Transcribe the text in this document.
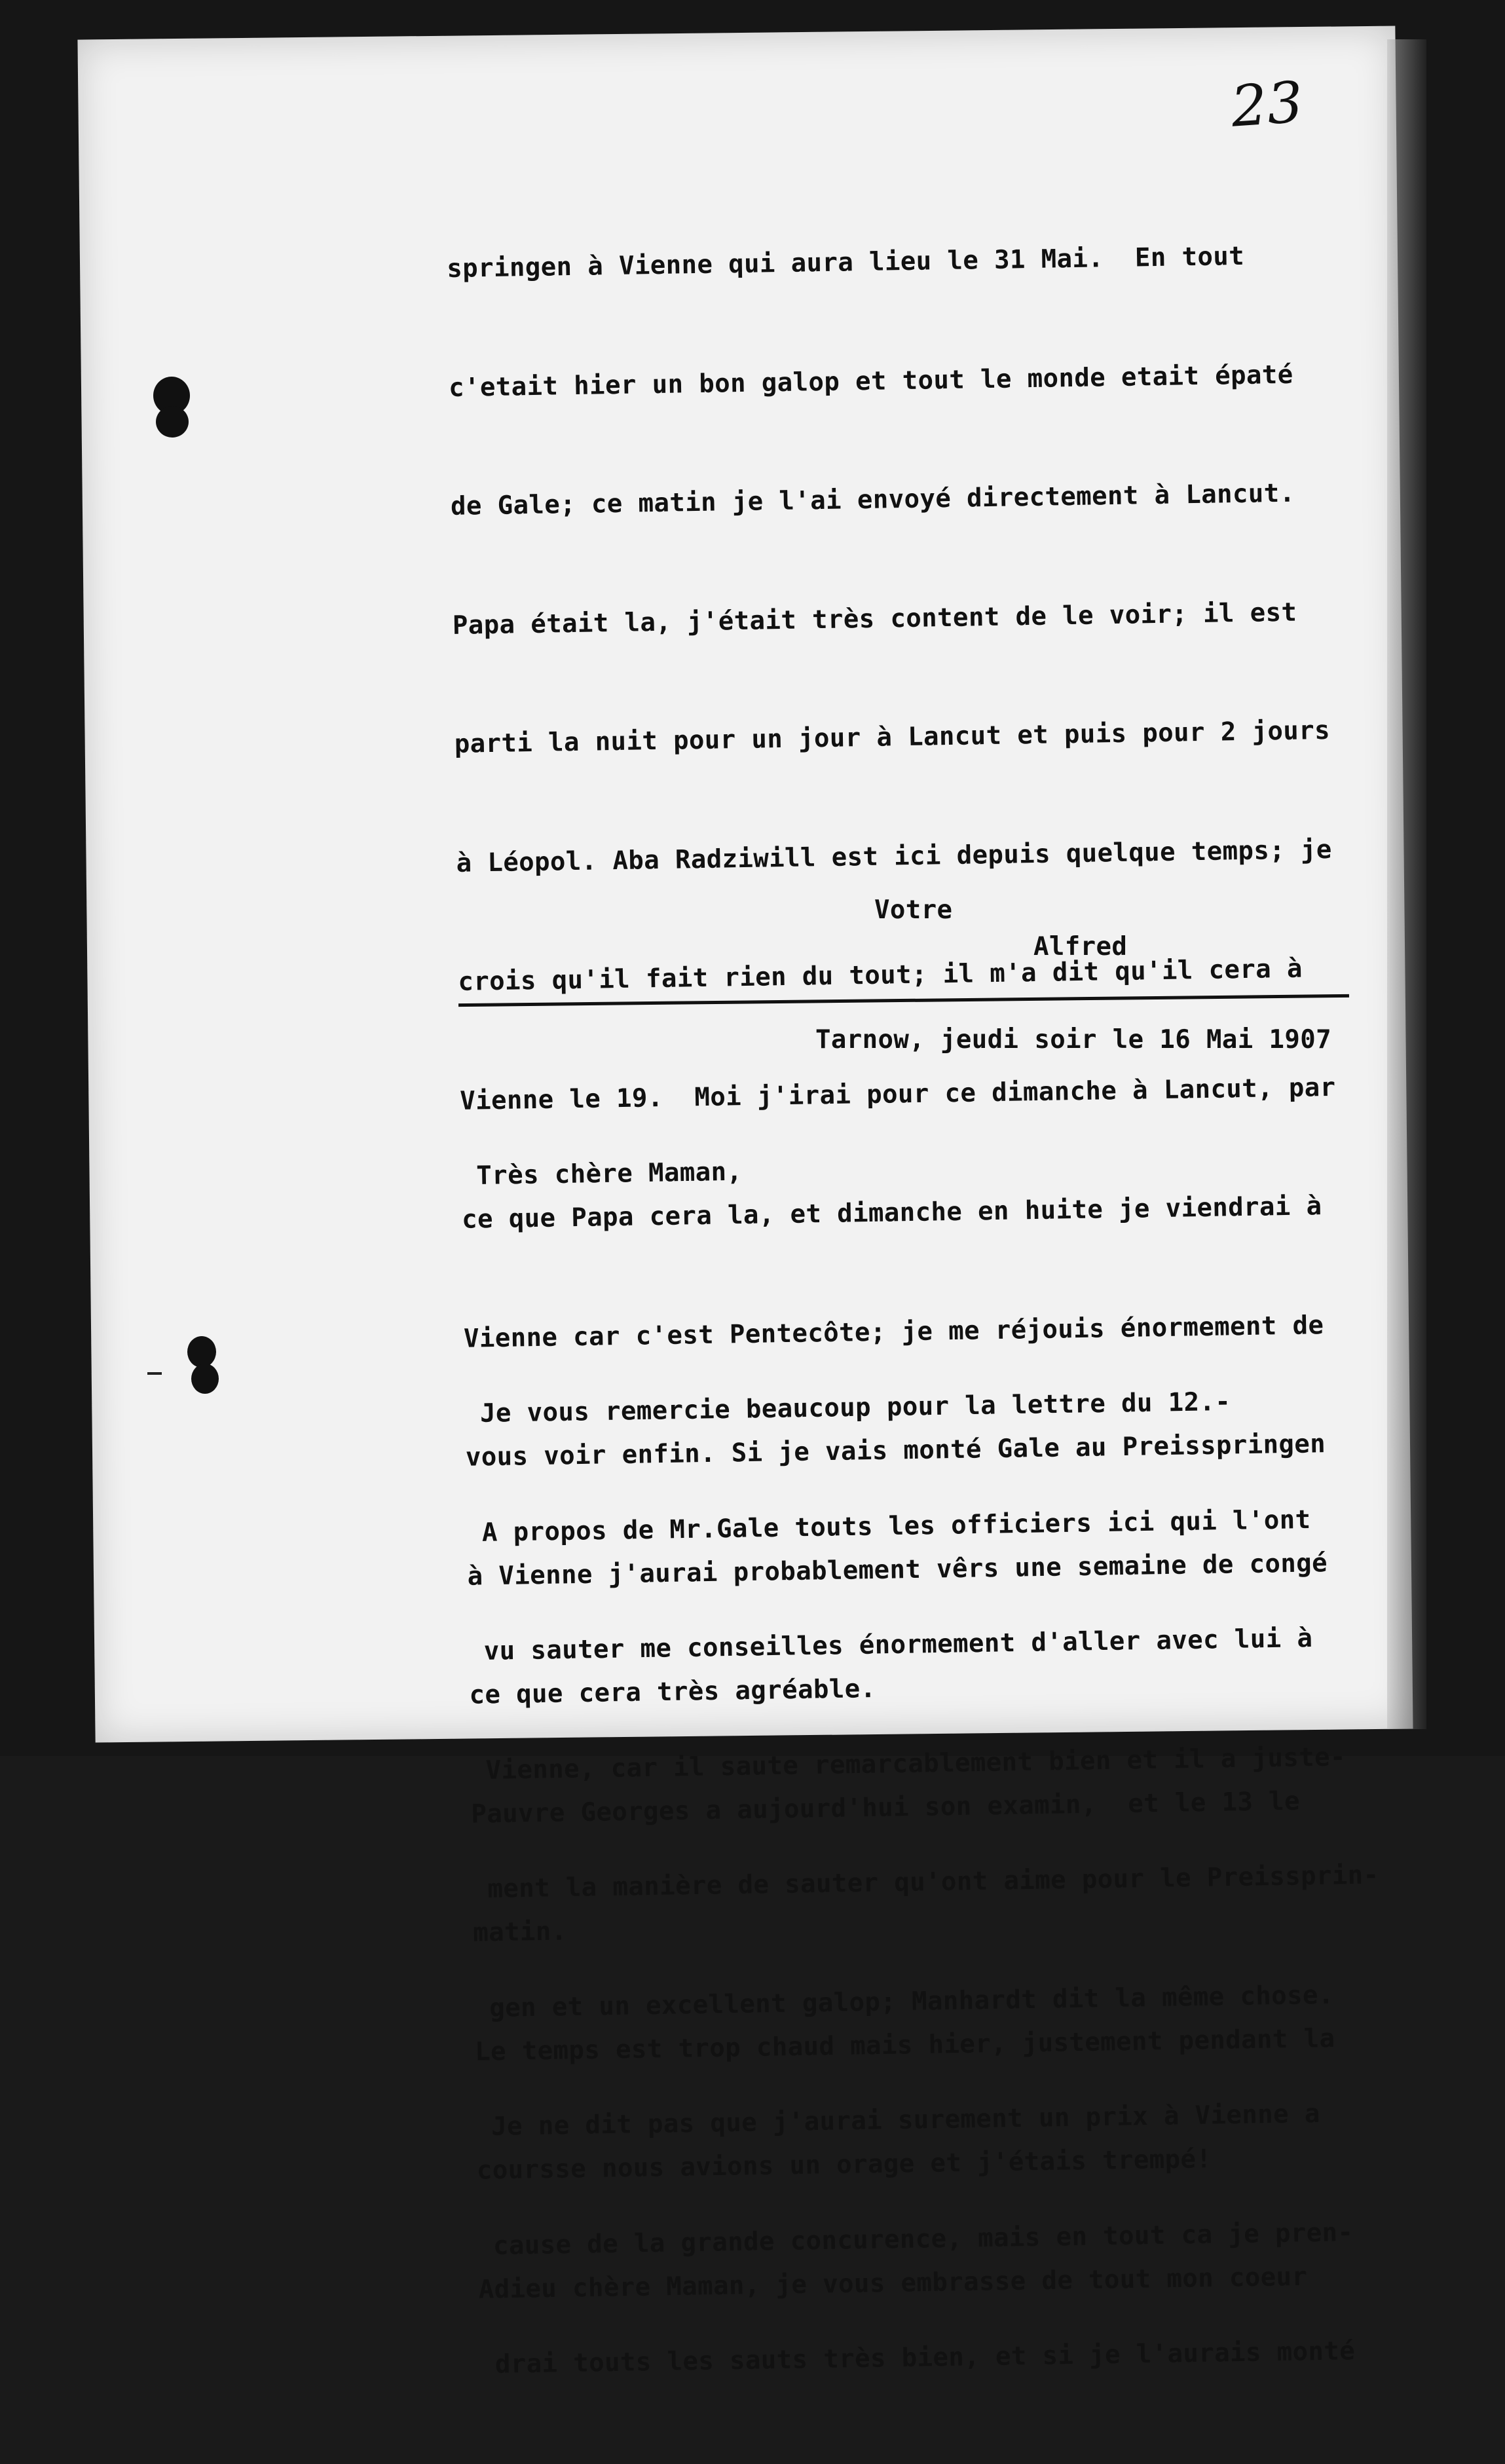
23

springen à Vienne qui aura lieu le 31 Mai.  En tout

c'etait hier un bon galop et tout le monde etait épaté

de Gale; ce matin je l'ai envoyé directement à Lancut.

Papa était la, j'était très content de le voir; il est

parti la nuit pour un jour à Lancut et puis pour 2 jours

à Léopol. Aba Radziwill est ici depuis quelque temps; je

crois qu'il fait rien du tout; il m'a dit qu'il cera à

Vienne le 19.  Moi j'irai pour ce dimanche à Lancut, par

ce que Papa cera la, et dimanche en huite je viendrai à

Vienne car c'est Pentecôte; je me réjouis énormement de

vous voir enfin. Si je vais monté Gale au Preisspringen

à Vienne j'aurai probablement vêrs une semaine de congé

ce que cera très agréable.

Pauvre Georges a aujourd'hui son examin,  et le 13 le

matin.

Le temps est trop chaud mais hier, justement pendant la

coursse nous avions un orage et j'étais trempé!

Adieu chère Maman, je vous embrasse de tout mon coeur

Votre
Alfred
Tarnow, jeudi soir le 16 Mai 1907

Très chère Maman,

Je vous remercie beaucoup pour la lettre du 12.-

A propos de Mr.Gale touts les officiers ici qui l'ont

vu sauter me conseilles énormement d'aller avec lui à

Vienne, car il saute remarcablement bien et il a juste-

ment la manière de sauter qu'ont aime pour le Preissprin-

gen et un excellent galop; Manhardt dit la même chose.

Je ne dit pas que j'aurai surement un prix à Vienne a

cause de la grande concurence, mais en tout ca je pren-

drai touts les sauts très bien, et si je l'aurais monté
